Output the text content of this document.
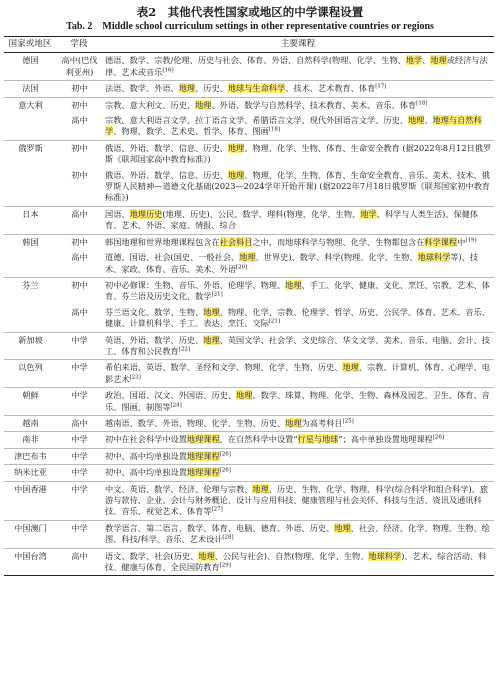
表2　其他代表性国家或地区的中学课程设置
Tab. 2　Middle school curriculum settings in other representative countries or regions
国家或地区	学段	主要课程
德国	高中(巴伐利亚州)	德语、数学、宗教/伦理、历史与社会、体育、外语、自然科学(物理、化学、生物、地学、地理或经济与法律、艺术或音乐[16]
法国	初中	法语、数学、外语、地理、历史、地球与生命科学、技术、艺术教育、体育[17]
意大利	初中	宗教、意大利文、历史、地理、外语、数学与自然科学、技术教育、美术、音乐、体育[18]
	高中	宗教、意大利语言文学、拉丁语言文学、希腊语言文学、现代外国语言文学、历史、地理、地理与自然科学、物理、数学、艺术史、哲学、体育、图画[18]
俄罗斯	初中	俄语、外语、数学、信息、历史、地理、物理、化学、生物、体育、生命安全教育 (据2022年8月12日俄罗斯《联邦国家高中教育标准》)
	初中	俄语、外语、数学、信息、历史、地理、物理、化学、生物、体育、生命安全教育、音乐、美术、技术、俄罗斯人民精神—道德文化基础(2023—2024学年开始开课) (据2022年7月18日俄罗斯《联邦国家初中教育标准》)
日本	高中	国语、地理历史(地理、历史)、公民、数学、理科(物理、化学、生物、地学、科学与人类生活)、保健体育、艺术、外语、家庭、情报、综合
韩国	初中	韩国地理和世界地理课程包含在社会科目之中，而地球科学与物理、化学、生物都包含在科学课程中[19]
	高中	道德、国语、社会(国史、一般社会、地理、世界史)、数学、科学(物理、化学、生物、地球科学等)、技术、家政、体育、音乐、美术、外语[20]
芬兰	初中	初中必修课：生物、音乐、外语、伦理学、物理、地理、手工、化学、健康、文化、烹饪、宗教、艺术、体育、芬兰语及历史文化、数学[21]
	高中	芬兰语文化、数学、生物、地理、物理、化学、宗教、伦理学、哲学、历史、公民学、体育、艺术、音乐、健康、计算机科学、手工、表达、烹饪、交际[21]
新加坡	中学	英语、外语、数学、历史、地理、英国文学、社会学、文史综合、华文文学、美术、音乐、电脑、会计、技工、体育和公民教育[22]
以色列	中学	希伯来语、英语、数学、圣经和文学、物理、化学、生物、历史、地理、宗教、计算机、体育、心理学、电影艺术[23]
朝鲜	中学	政治、国语、汉文、外国语、历史、地理、数学、珠算、物理、化学、生物、森林及园艺、卫生、体育、音乐、图画、制图等[24]
越南	高中	越南语、数学、外语、物理、化学、生物、历史、地理为高考科目[25]
南非	中学	初中在社会科学中设置地理课程，在自然科学中设置“行星与地球”；高中单独设置地理课程[26]
津巴布韦	中学	初中、高中均单独设置地理课程[26]
纳米比亚	中学	初中、高中均单独设置地理课程[26]
中国香港	中学	中文、英语、数学、经济、伦理与宗教、地理、历史、生物、化学、物理、科学(综合科学和组合科学)、旅游与款待、企业、会计与财务概论、设计与应用科技、健康管理与社会关怀、科技与生活、资讯及通讯科技、音乐、视觉艺术、体育等[27]
中国澳门	中学	教学语言、第二语言、数学、体育、电脑、德育、外语、历史、地理、社会、经济、化学、物理、生物、绘图、科技/科学、音乐、艺术设计[28]
中国台湾	高中	语文、数学、社会(历史、地理、公民与社会)、自然(物理、化学、生物、地球科学)、艺术、综合活动、科技、健康与体育、全民国防教育[29]
